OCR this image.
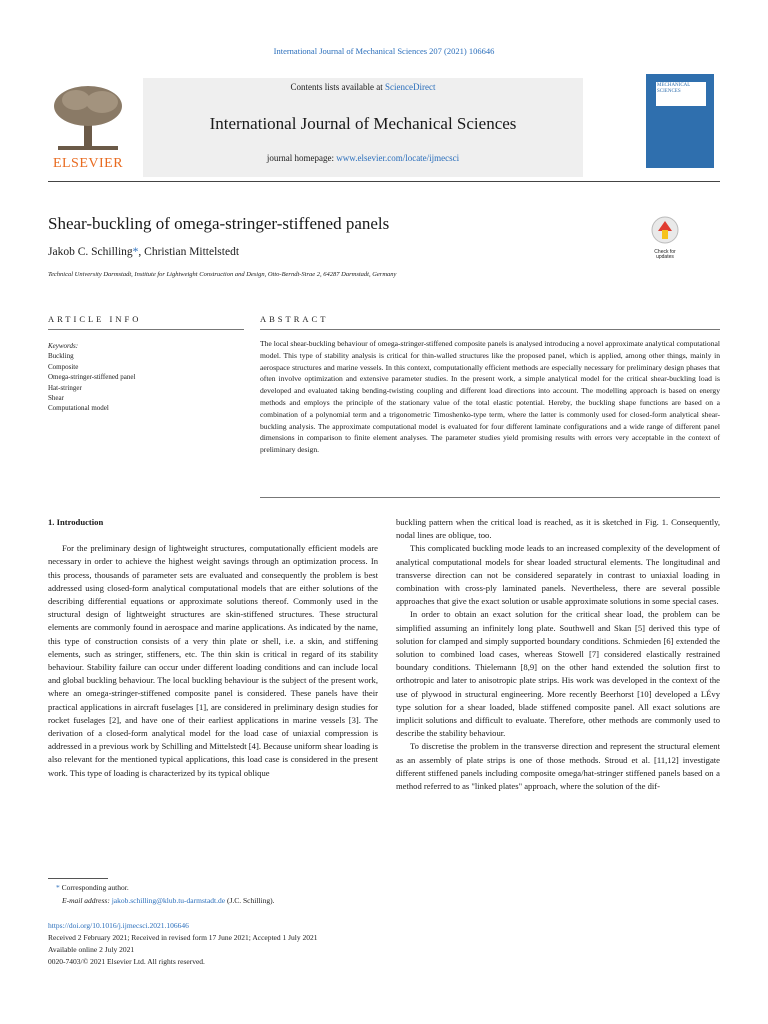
International Journal of Mechanical Sciences 207 (2021) 106646
ELSEVIER
Contents lists available at ScienceDirect
International Journal of Mechanical Sciences
journal homepage: www.elsevier.com/locate/ijmecsci
MECHANICAL SCIENCES
Shear-buckling of omega-stringer-stiffened panels
Jakob C. Schilling*, Christian Mittelstedt
Technical University Darmstadt, Institute for Lightweight Construction and Design, Otto-Berndt-Strae 2, 64287 Darmstadt, Germany
Check for updates
ARTICLE INFO	ABSTRACT
Keywords:
Buckling
Composite
Omega-stringer-stiffened panel
Hat-stringer
Shear
Computational model
The local shear-buckling behaviour of omega-stringer-stiffened composite panels is analysed introducing a novel approximate analytical computational model. This type of stability analysis is critical for thin-walled structures like the proposed panel, which is applied, among other things, mainly in aerospace structures and marine vessels. In this context, computationally efficient methods are especially necessary for preliminary design phases that often involve optimization and extensive parameter studies. In the present work, a simple analytical model for the critical shear-buckling load is developed and evaluated taking bending-twisting coupling and different load directions into account. The modelling approach is based on energy methods and employs the principle of the stationary value of the total elastic potential. Hereby, the buckling shape functions are based on a combination of a polynomial term and a trigonometric Timoshenko-type term, where the latter is commonly used for closed-form analytical shear-buckling analysis. The approximate computational model is evaluated for four different laminate configurations and a wide range of different panel dimensions in comparison to finite element analyses. The parameter studies yield promising results with errors very acceptable in the context of preliminary design.
1. Introduction

For the preliminary design of lightweight structures, computationally efficient models are necessary in order to achieve the highest weight savings through an optimization process. In this process, thousands of parameter sets are evaluated and consequently the problem is best addressed using closed-form analytical computational models that are either solutions of the describing differential equations or approximate solutions thereof. Commonly used in the structural design of lightweight structures are skin-stiffened structures. These structural elements are commonly found in aerospace and marine applications. As indicated by the name, this type of construction consists of a very thin plate or shell, i.e. a skin, and stiffening elements, such as stringer, stiffeners, etc. The thin skin is critical in regard of its stability behaviour. Stability failure can occur under different loading conditions and can include local and global buckling behaviour. The local buckling behaviour is the subject of the present work, where an omega-stringer-stiffened composite panel is considered. These panels have their practical applications in aircraft fuselages [1], are considered in preliminary design studies for rocket fuselages [2], and have one of their earliest applications in marine vessels [3]. The derivation of a closed-form analytical model for the load case of uniaxial compression is addressed in a previous work by Schilling and Mittelstedt [4]. Because uniform shear loading is also relevant for the mentioned typical applications, this load case is considered in the present work. This type of loading is characterized by its typical oblique

buckling pattern when the critical load is reached, as it is sketched in Fig. 1. Consequently, nodal lines are oblique, too.

This complicated buckling mode leads to an increased complexity of the development of analytical computational models for shear loaded structural elements. The longitudinal and transverse direction can not be considered separately in contrast to uniaxial loading in combination with cross-ply laminated panels. Nevertheless, there are several possible approaches that give the exact solution or usable approximate solutions in some special cases.

In order to obtain an exact solution for the critical shear load, the problem can be simplified assuming an infinitely long plate. Southwell and Skan [5] derived this type of solution for clamped and simply supported boundary conditions. Schmieden [6] extended the solution to combined load cases, whereas Stowell [7] considered elastically restrained boundary conditions. Thielemann [8,9] on the other hand extended the solution first to orthotropic and later to anisotropic plate strips. His work was developed in the context of the use of plywood in structural engineering. More recently Beerhorst [10] developed a LÉvy type solution for a shear loaded, blade stiffened composite panel. All exact solutions are implicit solutions and difficult to evaluate. Therefore, other methods are commonly used to describe the stability behaviour.

To discretise the problem in the transverse direction and represent the structural element as an assembly of plate strips is one of those methods. Stroud et al. [11,12] investigate different stiffened panels including composite omega/hat-stringer stiffened panels based on a method referred to as "linked plates" approach, where the solution of the dif-

* Corresponding author.
E-mail address: jakob.schilling@klub.tu-darmstadt.de (J.C. Schilling).
https://doi.org/10.1016/j.ijmecsci.2021.106646
Received 2 February 2021; Received in revised form 17 June 2021; Accepted 1 July 2021
Available online 2 July 2021
0020-7403/© 2021 Elsevier Ltd. All rights reserved.
